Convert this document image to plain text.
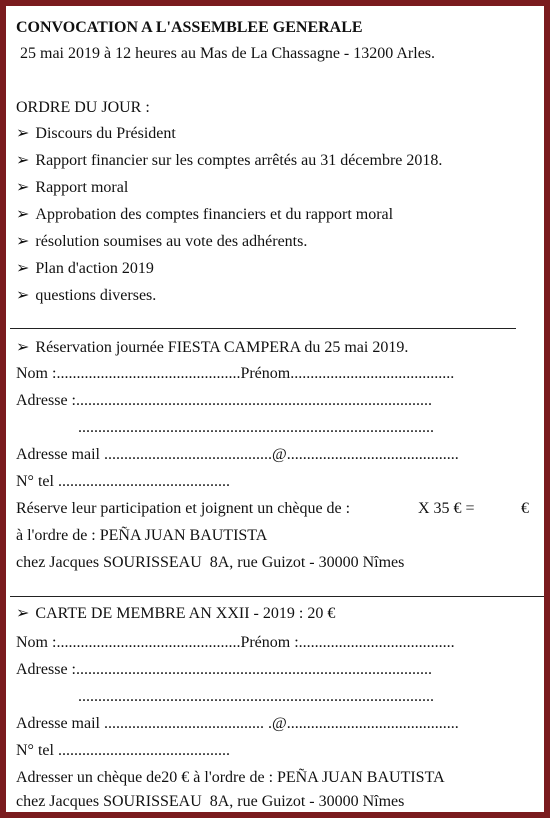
CONVOCATION A L'ASSEMBLEE GENERALE
25 mai 2019 à 12 heures au Mas de La Chassagne - 13200 Arles.
ORDRE DU JOUR :
➢ Discours du Président
➢ Rapport financier sur les comptes arrêtés au 31 décembre 2018.
➢ Rapport moral
➢ Approbation des comptes financiers et du rapport moral
➢ résolution soumises au vote des adhérents.
➢ Plan d'action 2019
➢ questions diverses.
➢ Réservation journée FIESTA CAMPERA du 25 mai 2019.
Nom :..............................................Prénom.........................................
Adresse :.........................................................................................
.........................................................................................
Adresse mail ..........................................@...........................................
N° tel ...........................................
Réserve leur participation et joignent un chèque de :	X 35 € =	€
à l'ordre de : PEÑA JUAN BAUTISTA
chez Jacques SOURISSEAU  8A, rue Guizot - 30000 Nîmes
➢ CARTE DE MEMBRE AN XXII - 2019 : 20 €
Nom :..............................................Prénom :.......................................
Adresse :.........................................................................................
.........................................................................................
Adresse mail ........................................ .@...........................................
N° tel ...........................................
Adresser un chèque de20 € à l'ordre de : PEÑA JUAN BAUTISTA
chez Jacques SOURISSEAU  8A, rue Guizot - 30000 Nîmes
